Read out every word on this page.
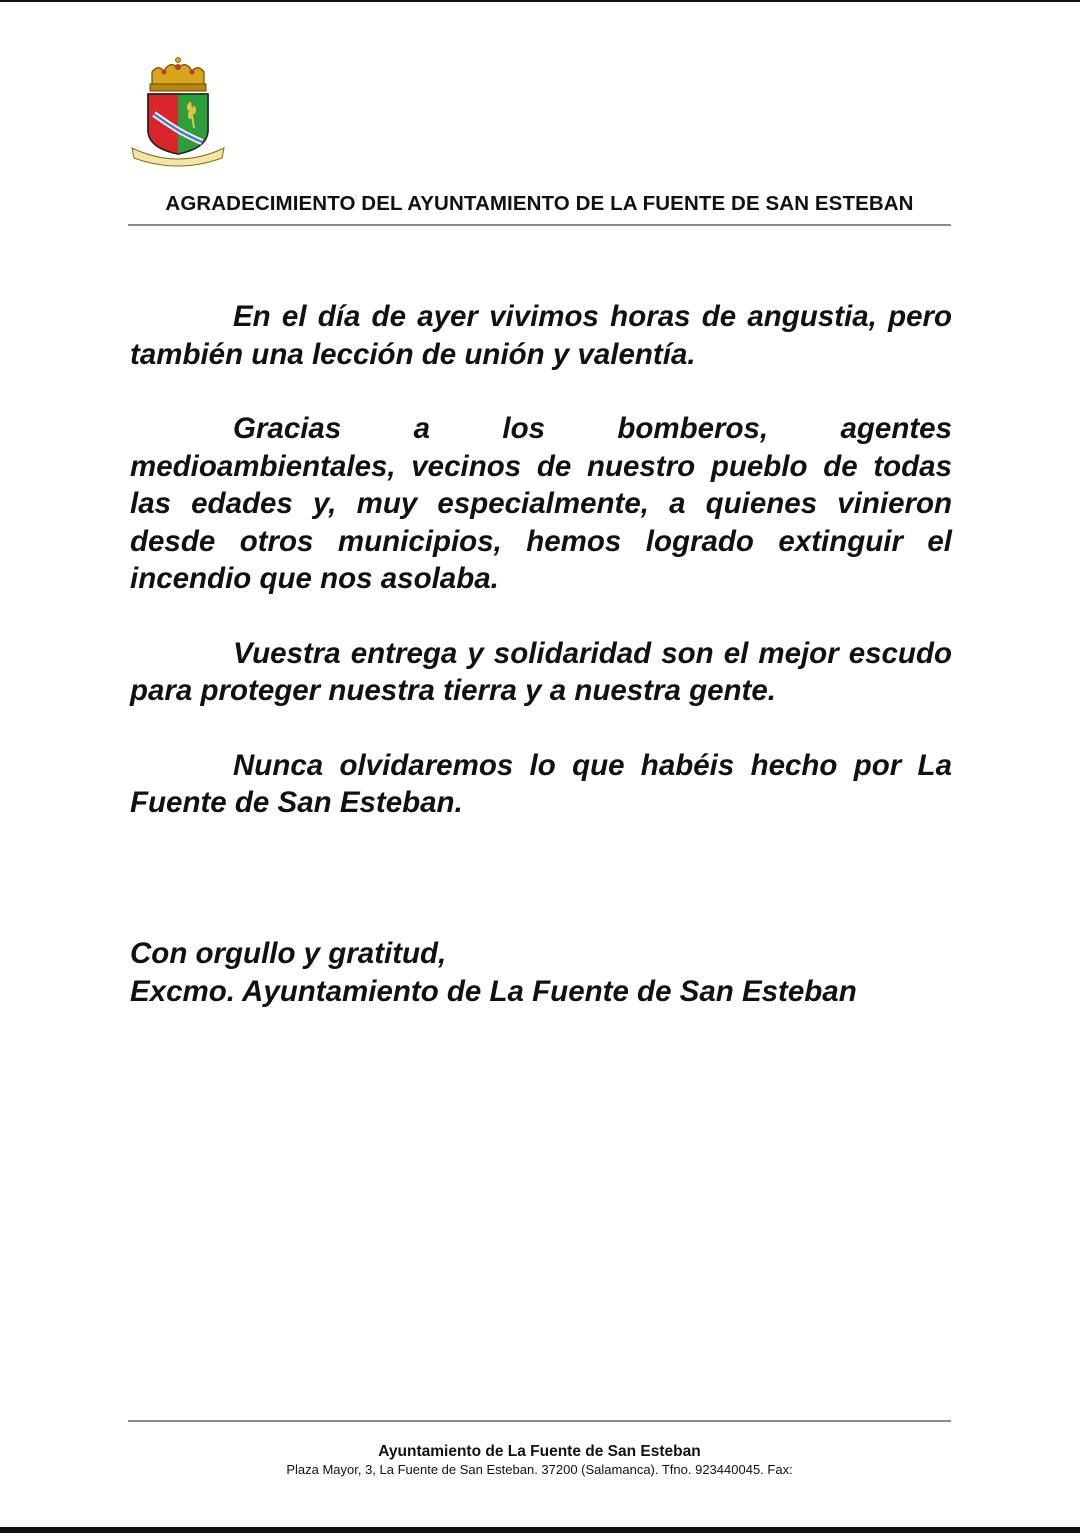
AGRADECIMIENTO DEL AYUNTAMIENTO DE LA FUENTE DE SAN ESTEBAN

En el día de ayer vivimos horas de angustia, pero también una lección de unión y valentía.

Gracias a los bomberos, agentes medioambientales, vecinos de nuestro pueblo de todas las edades y, muy especialmente, a quienes vinieron desde otros municipios, hemos logrado extinguir el incendio que nos asolaba.

Vuestra entrega y solidaridad son el mejor escudo para proteger nuestra tierra y a nuestra gente.

Nunca olvidaremos lo que habéis hecho por La Fuente de San Esteban.

Con orgullo y gratitud,

Excmo. Ayuntamiento de La Fuente de San Esteban

Ayuntamiento de La Fuente de San Esteban

Plaza Mayor, 3, La Fuente de San Esteban. 37200 (Salamanca). Tfno. 923440045. Fax:
